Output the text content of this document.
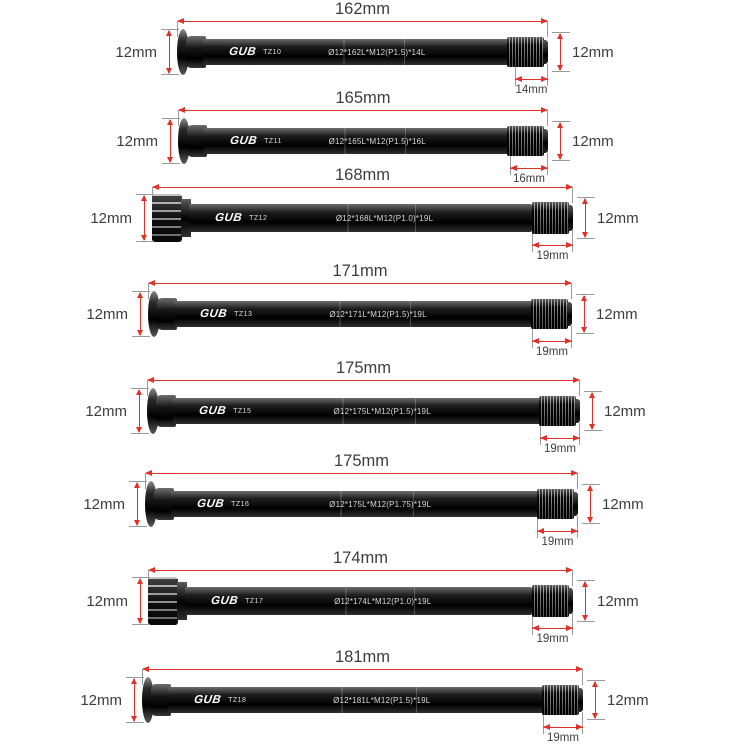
162mm
GUB TZ10	Ø12*162L*M12(P1.5)*14L
12mm	12mm
14mm
165mm
GUB TZ11	Ø12*165L*M12(P1.5)*16L
12mm	12mm
16mm
168mm
GUB TZ12	Ø12*168L*M12(P1.0)*19L
12mm	12mm
19mm
171mm
GUB TZ13	Ø12*171L*M12(P1.5)*19L
12mm	12mm
19mm
175mm
GUB TZ15	Ø12*175L*M12(P1.5)*19L
12mm	12mm
19mm
175mm
GUB TZ16	Ø12*175L*M12(P1.75)*19L
12mm	12mm
19mm
174mm
GUB TZ17	Ø12*174L*M12(P1.0)*19L
12mm	12mm
19mm
181mm
GUB TZ18	Ø12*181L*M12(P1.5)*19L
12mm	12mm
19mm
